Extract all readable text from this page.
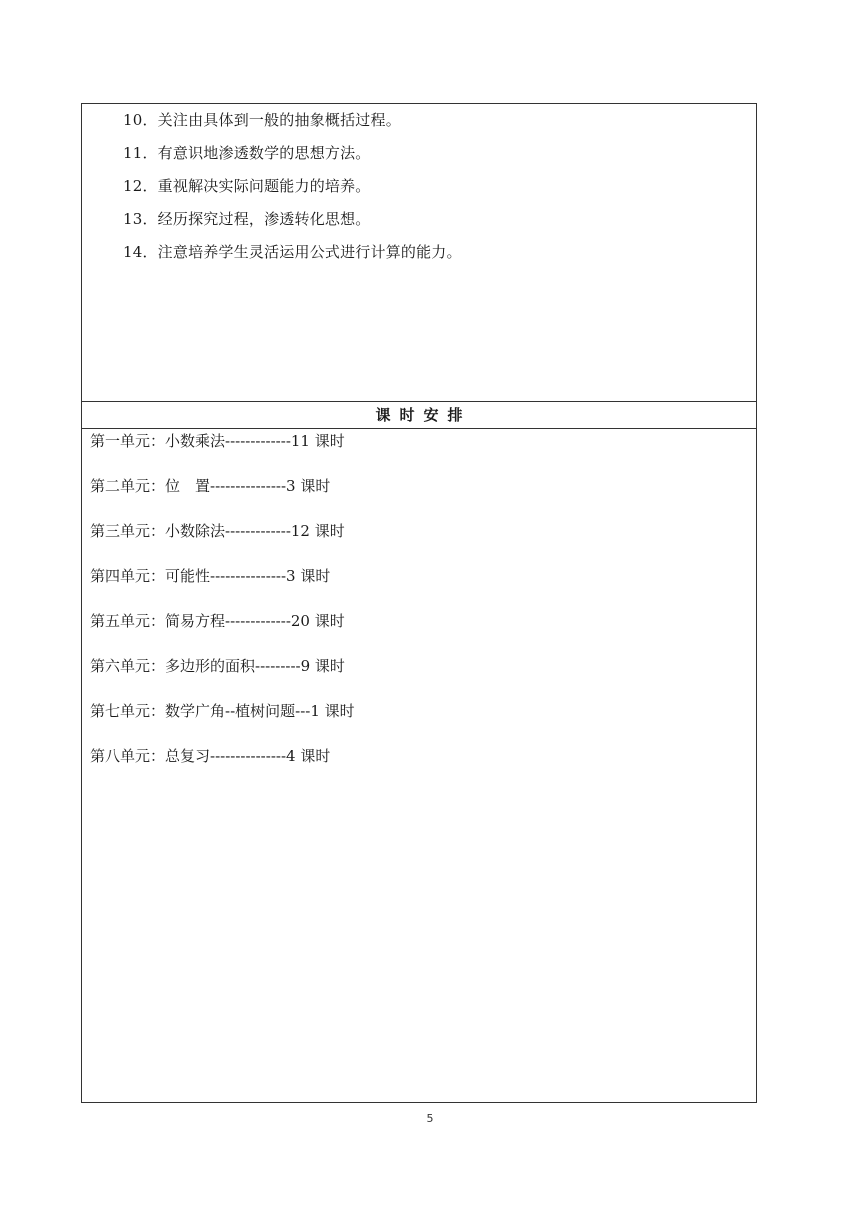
10．关注由具体到一般的抽象概括过程。
11．有意识地渗透数学的思想方法。
12．重视解决实际问题能力的培养。
13．经历探究过程，渗透转化思想。
14．注意培养学生灵活运用公式进行计算的能力。
课时安排
第一单元：小数乘法-------------11 课时
第二单元：位　置---------------3 课时
第三单元：小数除法-------------12 课时
第四单元：可能性---------------3 课时
第五单元：简易方程-------------20 课时
第六单元：多边形的面积---------9 课时
第七单元：数学广角--植树问题---1 课时
第八单元：总复习---------------4 课时
5
